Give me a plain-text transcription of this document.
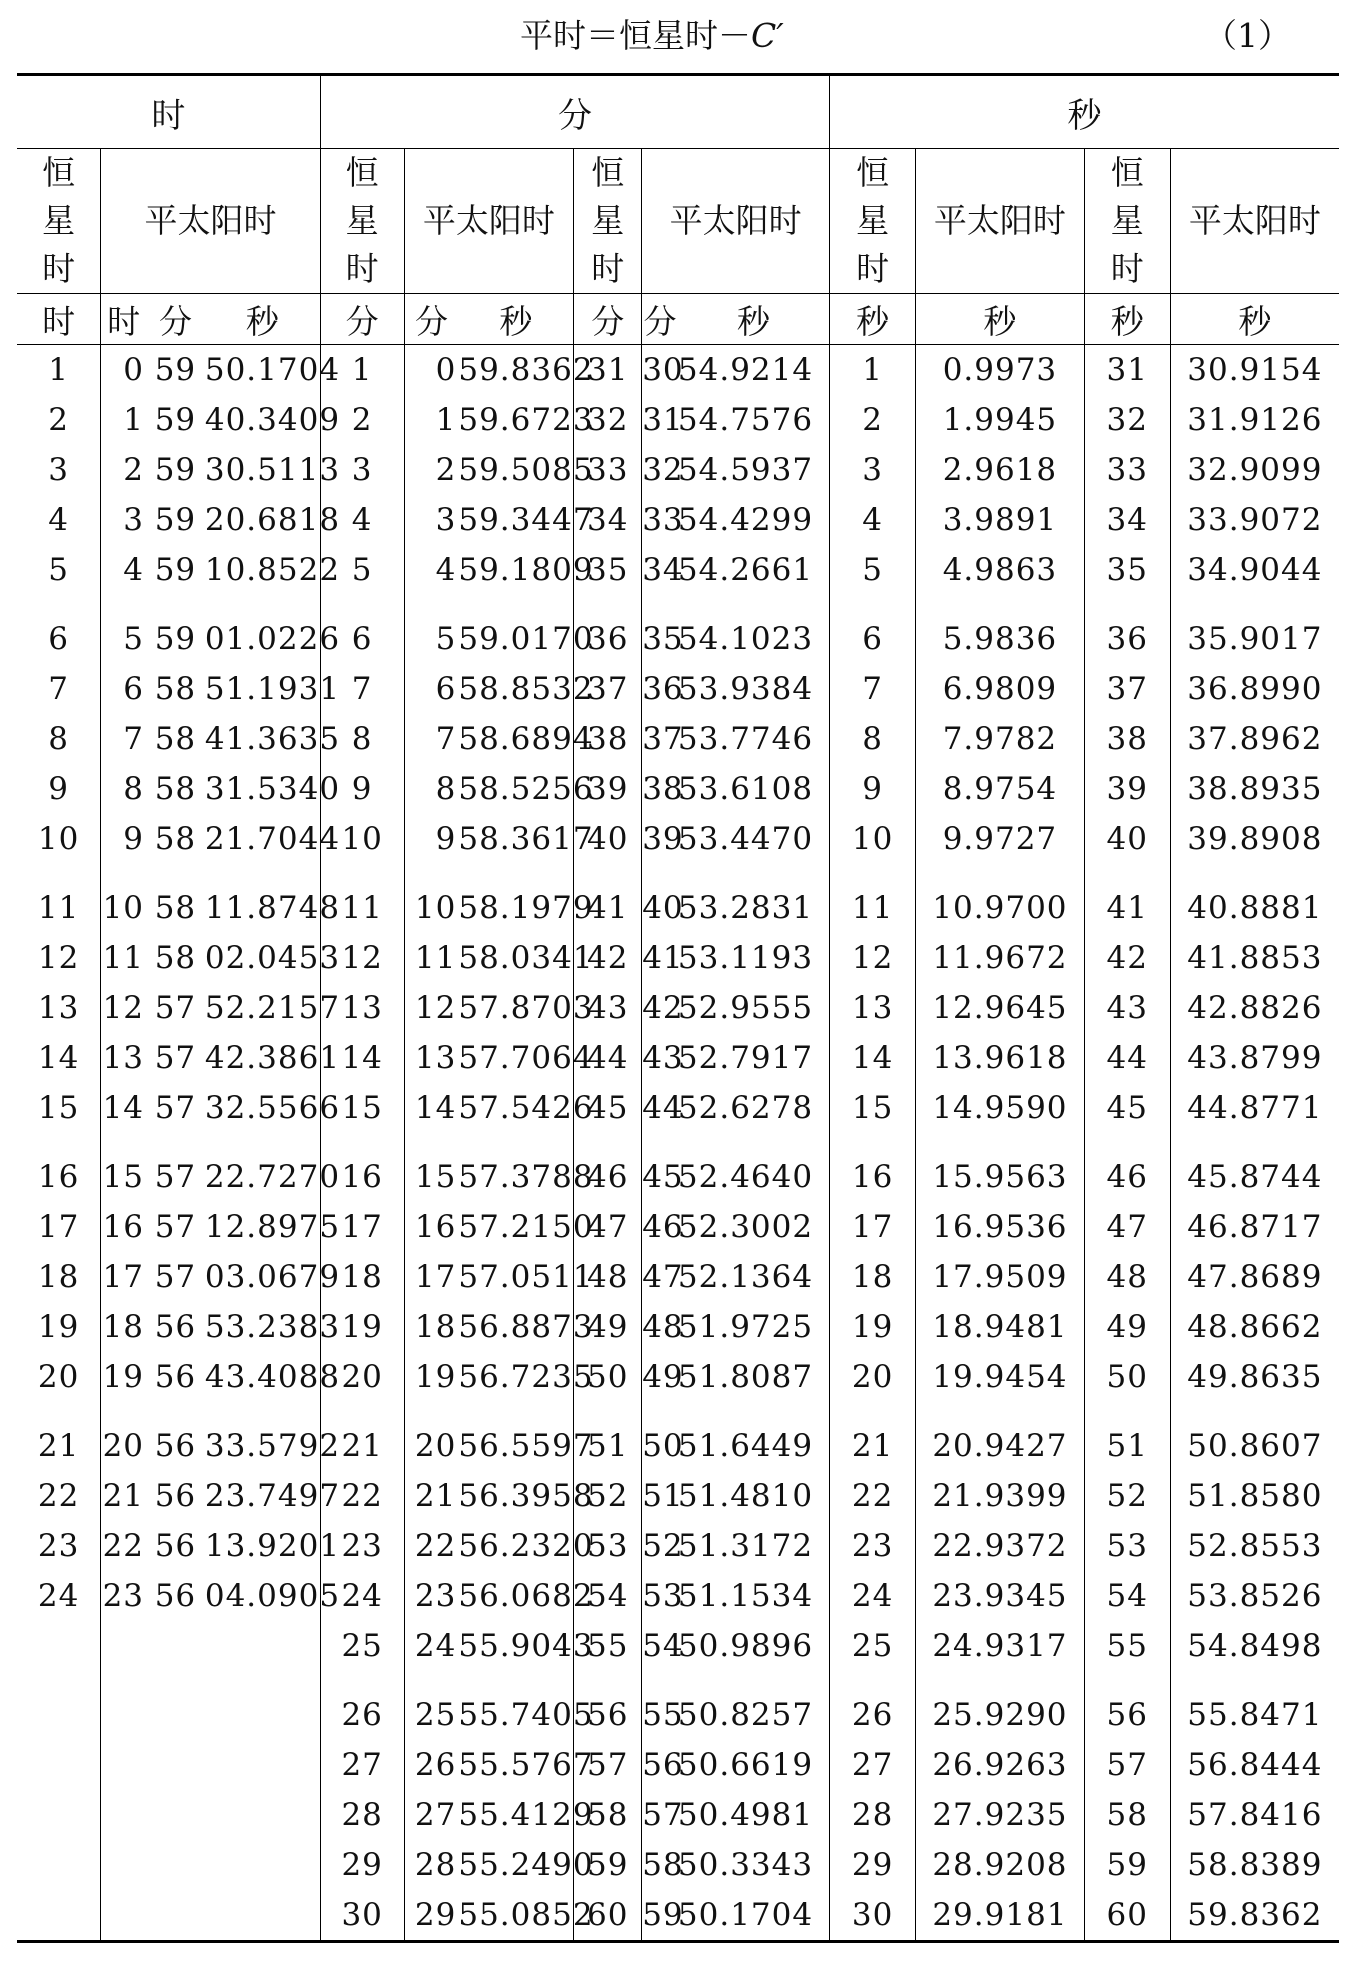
平时＝恒星时－C′	（1）
时				分						秒			
恒星时	平太阳时			恒星时	平太阳时		恒星时	平太阳时		恒星时	平太阳时	恒星时	平太阳时
时	时	分	秒	分	分	秒	分	分	秒	秒	秒	秒	秒
1	0	59	50.1704	1	0	59.8362	31	30	54.9214	1	0.9973	31	30.9154
2	1	59	40.3409	2	1	59.6723	32	31	54.7576	2	1.9945	32	31.9126
3	2	59	30.5113	3	2	59.5085	33	32	54.5937	3	2.9618	33	32.9099
4	3	59	20.6818	4	3	59.3447	34	33	54.4299	4	3.9891	34	33.9072
5	4	59	10.8522	5	4	59.1809	35	34	54.2661	5	4.9863	35	34.9044
6	5	59	01.0226	6	5	59.0170	36	35	54.1023	6	5.9836	36	35.9017
7	6	58	51.1931	7	6	58.8532	37	36	53.9384	7	6.9809	37	36.8990
8	7	58	41.3635	8	7	58.6894	38	37	53.7746	8	7.9782	38	37.8962
9	8	58	31.5340	9	8	58.5256	39	38	53.6108	9	8.9754	39	38.8935
10	9	58	21.7044	10	9	58.3617	40	39	53.4470	10	9.9727	40	39.8908
11	10	58	11.8748	11	10	58.1979	41	40	53.2831	11	10.9700	41	40.8881
12	11	58	02.0453	12	11	58.0341	42	41	53.1193	12	11.9672	42	41.8853
13	12	57	52.2157	13	12	57.8703	43	42	52.9555	13	12.9645	43	42.8826
14	13	57	42.3861	14	13	57.7064	44	43	52.7917	14	13.9618	44	43.8799
15	14	57	32.5566	15	14	57.5426	45	44	52.6278	15	14.9590	45	44.8771
16	15	57	22.7270	16	15	57.3788	46	45	52.4640	16	15.9563	46	45.8744
17	16	57	12.8975	17	16	57.2150	47	46	52.3002	17	16.9536	47	46.8717
18	17	57	03.0679	18	17	57.0511	48	47	52.1364	18	17.9509	48	47.8689
19	18	56	53.2383	19	18	56.8873	49	48	51.9725	19	18.9481	49	48.8662
20	19	56	43.4088	20	19	56.7235	50	49	51.8087	20	19.9454	50	49.8635
21	20	56	33.5792	21	20	56.5597	51	50	51.6449	21	20.9427	51	50.8607
22	21	56	23.7497	22	21	56.3958	52	51	51.4810	22	21.9399	52	51.8580
23	22	56	13.9201	23	22	56.2320	53	52	51.3172	23	22.9372	53	52.8553
24	23	56	04.0905	24	23	56.0682	54	53	51.1534	24	23.9345	54	53.8526
				25	24	55.9043	55	54	50.9896	25	24.9317	55	54.8498
				26	25	55.7405	56	55	50.8257	26	25.9290	56	55.8471
				27	26	55.5767	57	56	50.6619	27	26.9263	57	56.8444
				28	27	55.4129	58	57	50.4981	28	27.9235	58	57.8416
				29	28	55.2490	59	58	50.3343	29	28.9208	59	58.8389
				30	29	55.0852	60	59	50.1704	30	29.9181	60	59.8362
